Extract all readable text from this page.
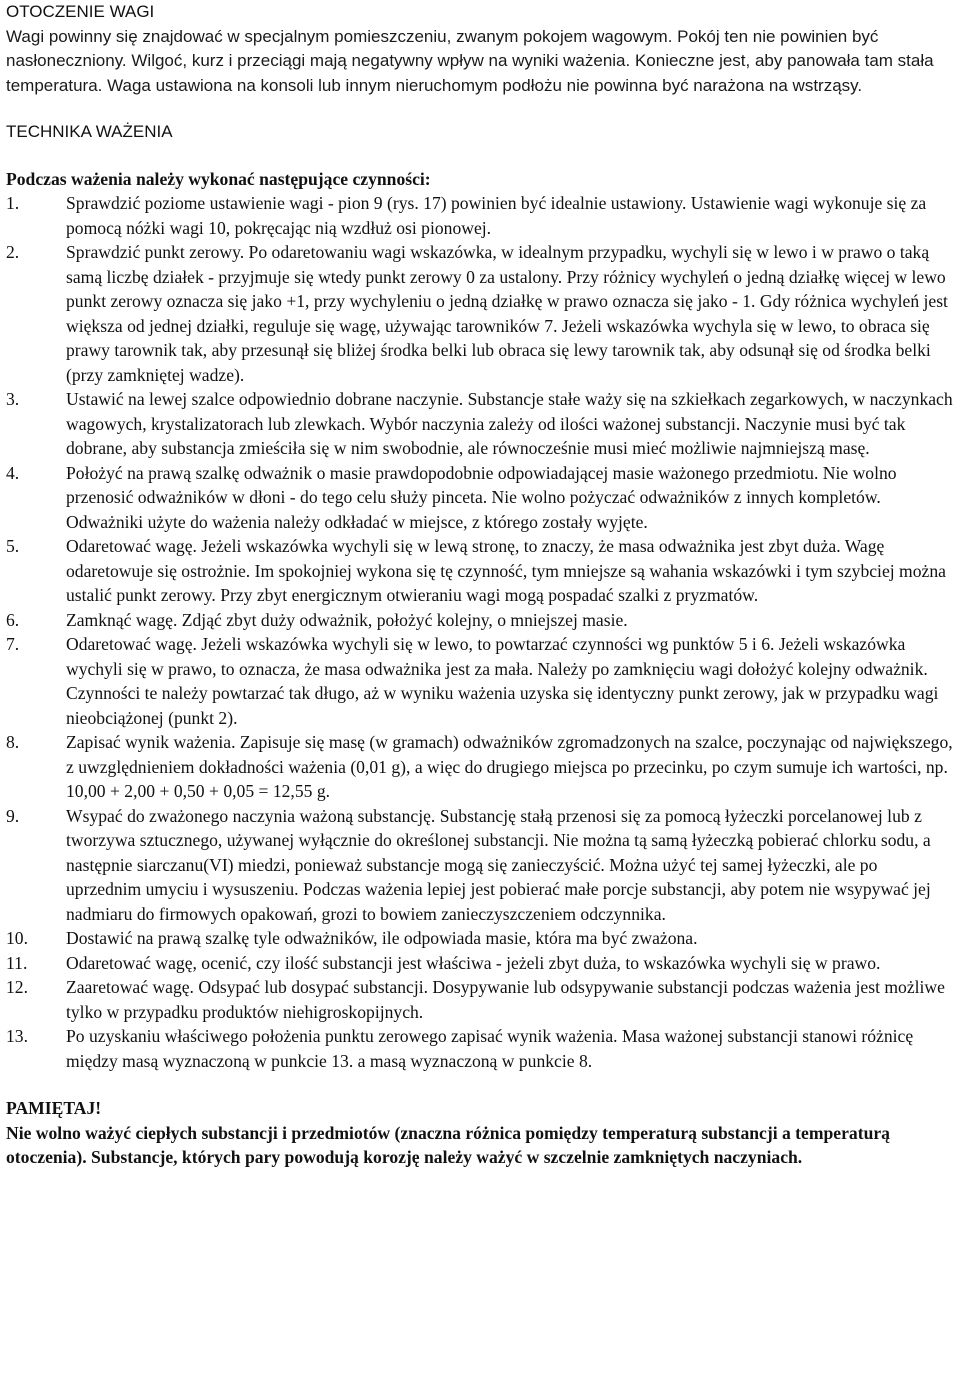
OTOCZENIE WAGI

Wagi powinny się znajdować w specjalnym pomieszczeniu, zwanym pokojem wagowym. Pokój ten nie powinien być nasłoneczniony. Wilgoć, kurz i przeciągi mają negatywny wpływ na wyniki ważenia. Konieczne jest, aby panowała tam stała temperatura. Waga ustawiona na konsoli lub innym nieruchomym podłożu nie powinna być narażona na wstrząsy.

TECHNIKA WAŻENIA

Podczas ważenia należy wykonać następujące czynności:

1.	Sprawdzić poziome ustawienie wagi - pion 9 (rys. 17) powinien być idealnie ustawiony. Ustawienie wagi wykonuje się za pomocą nóżki wagi 10, pokręcając nią wzdłuż osi pionowej.
2.	Sprawdzić punkt zerowy. Po odaretowaniu wagi wskazówka, w idealnym przypadku, wychyli się w lewo i w prawo o taką samą liczbę działek - przyjmuje się wtedy punkt zerowy 0 za ustalony. Przy różnicy wychyleń o jedną działkę więcej w lewo punkt zerowy oznacza się jako +1, przy wychyleniu o jedną działkę w prawo oznacza się jako - 1. Gdy różnica wychyleń jest większa od jednej działki, reguluje się wagę, używając tarowników 7. Jeżeli wskazówka wychyla się w lewo, to obraca się prawy tarownik tak, aby przesunął się bliżej środka belki lub obraca się lewy tarownik tak, aby odsunął się od środka belki (przy zamkniętej wadze).
3.	Ustawić na lewej szalce odpowiednio dobrane naczynie. Substancje stałe waży się na szkiełkach zegarkowych, w naczynkach wagowych, krystalizatorach lub zlewkach. Wybór naczynia zależy od ilości ważonej substancji. Naczynie musi być tak dobrane, aby substancja zmieściła się w nim swobodnie, ale równocześnie musi mieć możliwie najmniejszą masę.
4.	Położyć na prawą szalkę odważnik o masie prawdopodobnie odpowiadającej masie ważonego przedmiotu. Nie wolno przenosić odważników w dłoni - do tego celu służy pinceta. Nie wolno pożyczać odważników z innych kompletów. Odważniki użyte do ważenia należy odkładać w miejsce, z którego zostały wyjęte.
5.	Odaretować wagę. Jeżeli wskazówka wychyli się w lewą stronę, to znaczy, że masa odważnika jest zbyt duża. Wagę odaretowuje się ostrożnie. Im spokojniej wykona się tę czynność, tym mniejsze są wahania wskazówki i tym szybciej można ustalić punkt zerowy. Przy zbyt energicznym otwieraniu wagi mogą pospadać szalki z pryzmatów.
6.	Zamknąć wagę. Zdjąć zbyt duży odważnik, położyć kolejny, o mniejszej masie.
7.	Odaretować wagę. Jeżeli wskazówka wychyli się w lewo, to powtarzać czynności wg punktów 5 i 6. Jeżeli wskazówka wychyli się w prawo, to oznacza, że masa odważnika jest za mała. Należy po zamknięciu wagi dołożyć kolejny odważnik. Czynności te należy powtarzać tak długo, aż w wyniku ważenia uzyska się identyczny punkt zerowy, jak w przypadku wagi nieobciążonej (punkt 2).
8.	Zapisać wynik ważenia. Zapisuje się masę (w gramach) odważników zgromadzonych na szalce, poczynając od największego, z uwzględnieniem dokładności ważenia (0,01 g), a więc do drugiego miejsca po przecinku, po czym sumuje ich wartości, np. 10,00 + 2,00 + 0,50 + 0,05 = 12,55 g.
9.	Wsypać do zważonego naczynia ważoną substancję. Substancję stałą przenosi się za pomocą łyżeczki porcelanowej lub z tworzywa sztucznego, używanej wyłącznie do określonej substancji. Nie można tą samą łyżeczką pobierać chlorku sodu, a następnie siarczanu(VI) miedzi, ponieważ substancje mogą się zanieczyścić. Można użyć tej samej łyżeczki, ale po uprzednim umyciu i wysuszeniu. Podczas ważenia lepiej jest pobierać małe porcje substancji, aby potem nie wsypywać jej nadmiaru do firmowych opakowań, grozi to bowiem zanieczyszczeniem odczynnika.
10.	Dostawić na prawą szalkę tyle odważników, ile odpowiada masie, która ma być zważona.
11.	Odaretować wagę, ocenić, czy ilość substancji jest właściwa - jeżeli zbyt duża, to wskazówka wychyli się w prawo.
12.	Zaaretować wagę. Odsypać lub dosypać substancji. Dosypywanie lub odsypywanie substancji podczas ważenia jest możliwe tylko w przypadku produktów niehigroskopijnych.
13.	Po uzyskaniu właściwego położenia punktu zerowego zapisać wynik ważenia. Masa ważonej substancji stanowi różnicę między masą wyznaczoną w punkcie 13. a masą wyznaczoną w punkcie 8.
PAMIĘTAJ!

Nie wolno ważyć ciepłych substancji i przedmiotów (znaczna różnica pomiędzy temperaturą substancji a temperaturą otoczenia). Substancje, których pary powodują korozję należy ważyć w szczelnie zamkniętych naczyniach.
